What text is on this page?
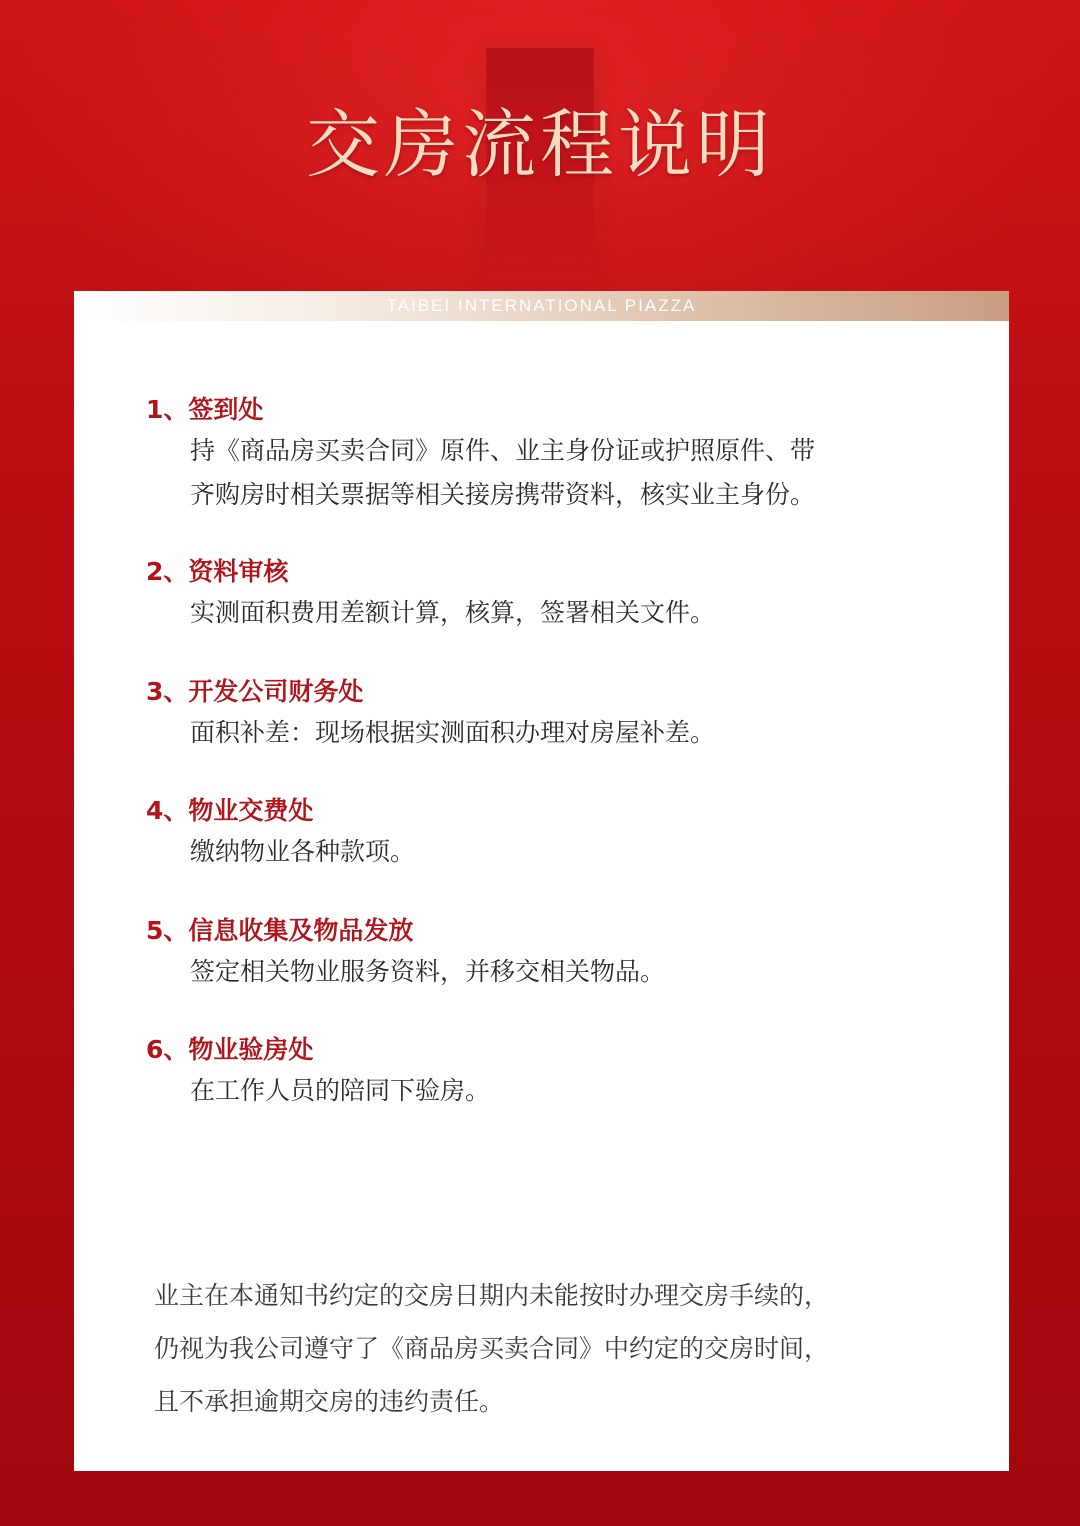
交房流程说明
TAIBEI INTERNATIONAL PIAZZA
1、签到处
持《商品房买卖合同》原件、业主身份证或护照原件、带
齐购房时相关票据等相关接房携带资料，核实业主身份。
2、资料审核
实测面积费用差额计算，核算，签署相关文件。
3、开发公司财务处
面积补差：现场根据实测面积办理对房屋补差。
4、物业交费处
缴纳物业各种款项。
5、信息收集及物品发放
签定相关物业服务资料，并移交相关物品。
6、物业验房处
在工作人员的陪同下验房。
业主在本通知书约定的交房日期内未能按时办理交房手续的，
仍视为我公司遵守了《商品房买卖合同》中约定的交房时间，
且不承担逾期交房的违约责任。
